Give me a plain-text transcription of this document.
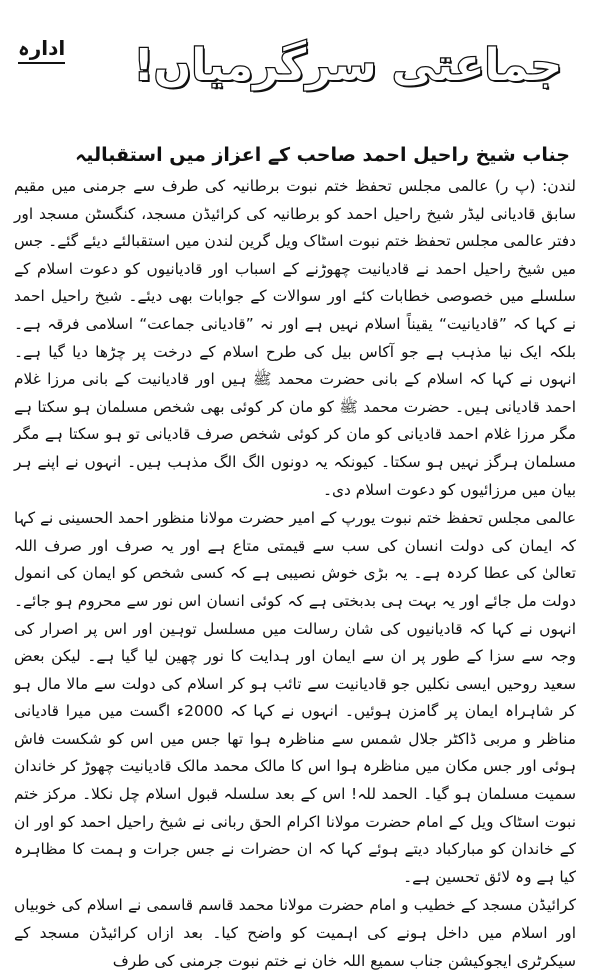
ادارہ جماعتی سرگرمیاں!
جناب شیخ راحیل احمد صاحب کے اعزاز میں استقبالیہ

لندن: (پ ر) عالمی مجلس تحفظ ختم نبوت برطانیہ کی طرف سے جرمنی میں مقیم سابق قادیانی لیڈر شیخ راحیل احمد کو برطانیہ کی کرائیڈن مسجد، کنگسٹن مسجد اور دفتر عالمی مجلس تحفظ ختم نبوت اسٹاک ویل گرین لندن میں استقبالئے دیئے گئے۔ جس میں شیخ راحیل احمد نے قادیانیت چھوڑنے کے اسباب اور قادیانیوں کو دعوت اسلام کے سلسلے میں خصوصی خطابات کئے اور سوالات کے جوابات بھی دیئے۔ شیخ راحیل احمد نے کہا کہ ”قادیانیت“ یقیناً اسلام نہیں ہے اور نہ ”قادیانی جماعت“ اسلامی فرقہ ہے۔ بلکہ ایک نیا مذہب ہے جو آکاس بیل کی طرح اسلام کے درخت پر چڑھا دیا گیا ہے۔ انہوں نے کہا کہ اسلام کے بانی حضرت محمد ﷺ ہیں اور قادیانیت کے بانی مرزا غلام احمد قادیانی ہیں۔ حضرت محمد ﷺ کو مان کر کوئی بھی شخص مسلمان ہو سکتا ہے مگر مرزا غلام احمد قادیانی کو مان کر کوئی شخص صرف قادیانی تو ہو سکتا ہے مگر مسلمان ہرگز نہیں ہو سکتا۔ کیونکہ یہ دونوں الگ الگ مذہب ہیں۔ انہوں نے اپنے ہر بیان میں مرزائیوں کو دعوت اسلام دی۔

عالمی مجلس تحفظ ختم نبوت یورپ کے امیر حضرت مولانا منظور احمد الحسینی نے کہا کہ ایمان کی دولت انسان کی سب سے قیمتی متاع ہے اور یہ صرف اور صرف اللہ تعالیٰ کی عطا کردہ ہے۔ یہ بڑی خوش نصیبی ہے کہ کسی شخص کو ایمان کی انمول دولت مل جائے اور یہ بہت ہی بدبختی ہے کہ کوئی انسان اس نور سے محروم ہو جائے۔ انہوں نے کہا کہ قادیانیوں کی شان رسالت میں مسلسل توہین اور اس پر اصرار کی وجہ سے سزا کے طور پر ان سے ایمان اور ہدایت کا نور چھین لیا گیا ہے۔ لیکن بعض سعید روحیں ایسی نکلیں جو قادیانیت سے تائب ہو کر اسلام کی دولت سے مالا مال ہو کر شاہراہ ایمان پر گامزن ہوئیں۔ انہوں نے کہا کہ 2000ء اگست میں میرا قادیانی مناظر و مربی ڈاکٹر جلال شمس سے مناظرہ ہوا تھا جس میں اس کو شکست فاش ہوئی اور جس مکان میں مناظرہ ہوا اس کا مالک محمد مالک قادیانیت چھوڑ کر خاندان سمیت مسلمان ہو گیا۔ الحمد للہ! اس کے بعد سلسلہ قبول اسلام چل نکلا۔ مرکز ختم نبوت اسٹاک ویل کے امام حضرت مولانا اکرام الحق ربانی نے شیخ راحیل احمد کو اور ان کے خاندان کو مبارکباد دیتے ہوئے کہا کہ ان حضرات نے جس جرات و ہمت کا مظاہرہ کیا ہے وہ لائق تحسین ہے۔

کرائیڈن مسجد کے خطیب و امام حضرت مولانا محمد قاسم قاسمی نے اسلام کی خوبیاں اور اسلام میں داخل ہونے کی اہمیت کو واضح کیا۔ بعد ازاں کرائیڈن مسجد کے سیکرٹری ایجوکیشن جناب سمیع اللہ خان نے ختم نبوت جرمنی کی طرف
